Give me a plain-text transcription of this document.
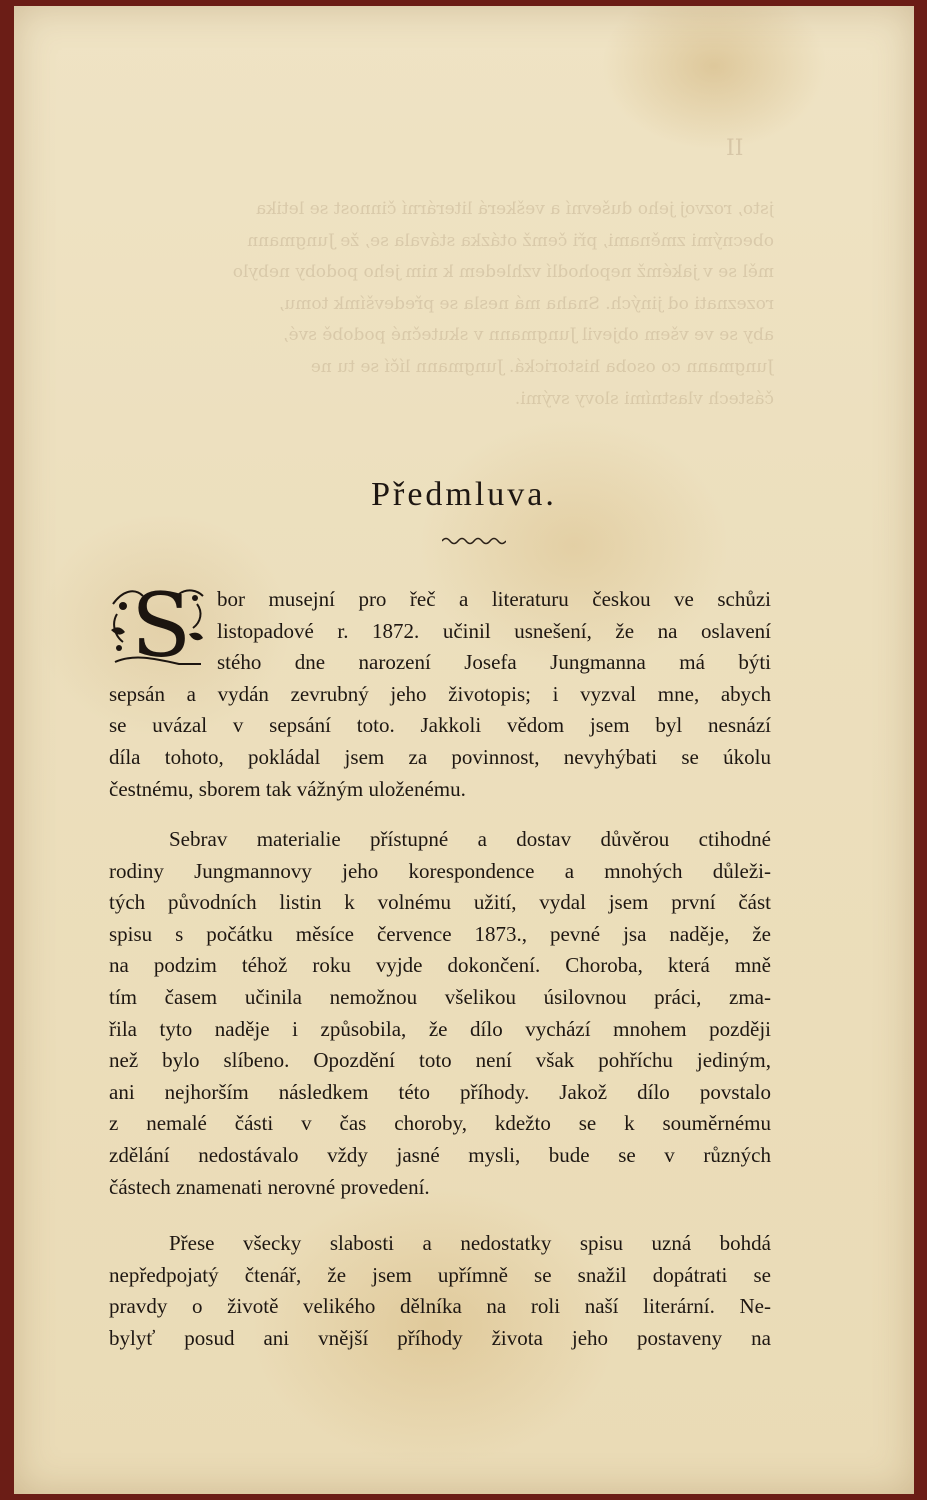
II
jsto, rozvoj jeho duševní a veškerá literární činnost se letika
obecnými změnami, při čemž otázka stávala se, že Jungmann
měl se v jakémž nepohodlí vzhledem k nim jeho podoby nebylo
rozeznati od jiných. Snaha má nesla se předevšímk tomu,
aby se ve všem objevil Jungmann v skutečné podobě své,
Jungmann co osoba historická. Jungmann líčí se tu ne
částech vlastními slovy svými.
Předmluva.
S bor musejní pro řeč a literaturu českou ve schůzi
listopadové r. 1872. učinil usnešení, že na oslavení
stého dne narození Josefa Jungmanna má býti
sepsán a vydán zevrubný jeho životopis; i vyzval mne, abych
se uvázal v sepsání toto. Jakkoli vědom jsem byl nesnází
díla tohoto, pokládal jsem za povinnost, nevyhýbati se úkolu
čestnému, sborem tak vážným uloženému.
Sebrav materialie přístupné a dostav důvěrou ctihodné
rodiny Jungmannovy jeho korespondence a mnohých důleži-
tých původních listin k volnému užití, vydal jsem první část
spisu s počátku měsíce července 1873., pevné jsa naděje, že
na podzim téhož roku vyjde dokončení. Choroba, která mně
tím časem učinila nemožnou všelikou úsilovnou práci, zma-
řila tyto naděje i způsobila, že dílo vychází mnohem později
než bylo slíbeno. Opozdění toto není však pohříchu jediným,
ani nejhorším následkem této příhody. Jakož dílo povstalo
z nemalé části v čas choroby, kdežto se k souměrnému
zdělání nedostávalo vždy jasné mysli, bude se v různých
částech znamenati nerovné provedení.
Přese všecky slabosti a nedostatky spisu uzná bohdá
nepředpojatý čtenář, že jsem upřímně se snažil dopátrati se
pravdy o životě velikého dělníka na roli naší literární. Ne-
bylyť posud ani vnější příhody života jeho postaveny na
